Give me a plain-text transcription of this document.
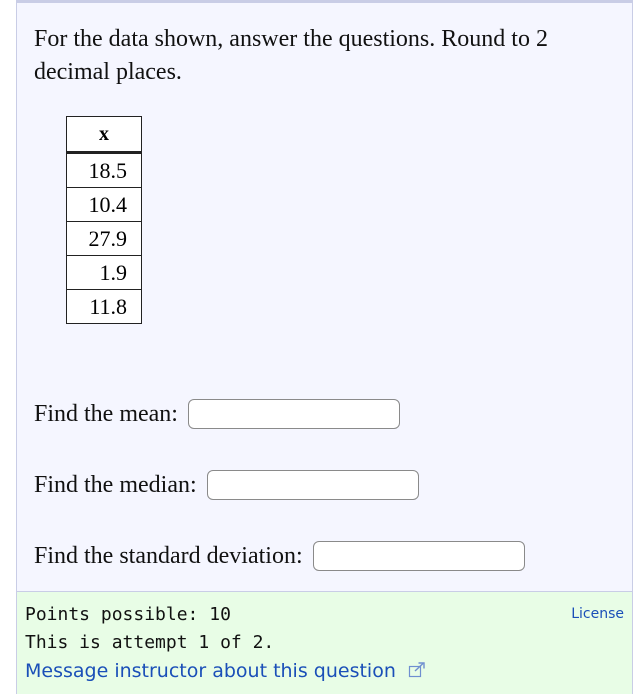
For the data shown, answer the questions. Round to 2 decimal places.
x
18.5
10.4
27.9
1.9
11.8
Find the mean:
Find the median:
Find the standard deviation:
Points possible: 10
This is attempt 1 of 2.
Message instructor about this question
License
